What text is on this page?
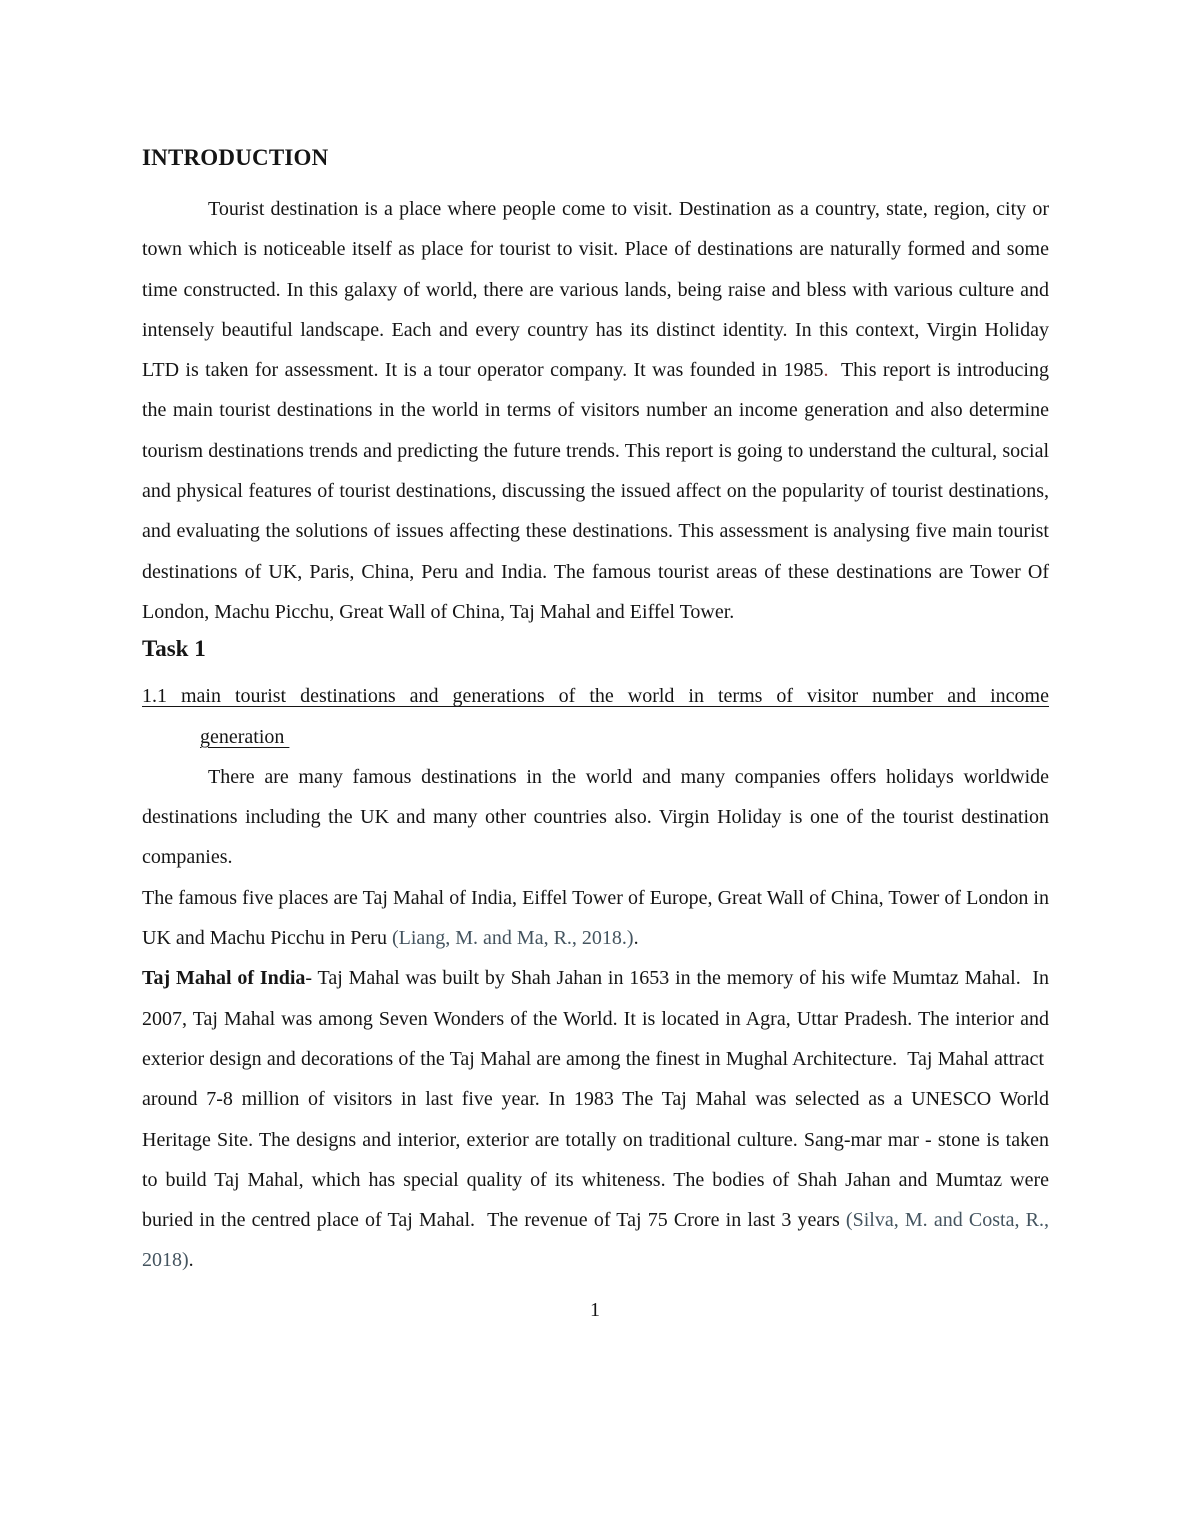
INTRODUCTION

Tourist destination is a place where people come to visit. Destination as a country, state, region, city or town which is noticeable itself as place for tourist to visit. Place of destinations are naturally formed and some time constructed. In this galaxy of world, there are various lands, being raise and bless with various culture and intensely beautiful landscape. Each and every country has its distinct identity. In this context, Virgin Holiday LTD is taken for assessment. It is a tour operator company. It was founded in 1985.  This report is introducing the main tourist destinations in the world in terms of visitors number an income generation and also determine tourism destinations trends and predicting the future trends. This report is going to understand the cultural, social and physical features of tourist destinations, discussing the issued affect on the popularity of tourist destinations, and evaluating the solutions of issues affecting these destinations. This assessment is analysing five main tourist destinations of UK, Paris, China, Peru and India. The famous tourist areas of these destinations are Tower Of London, Machu Picchu, Great Wall of China, Taj Mahal and Eiffel Tower.

Task 1
1.1 main tourist destinations and generations of the world in terms of visitor number and income
generation

There are many famous destinations in the world and many companies offers holidays worldwide destinations including the UK and many other countries also. Virgin Holiday is one of the tourist destination companies.

The famous five places are Taj Mahal of India, Eiffel Tower of Europe, Great Wall of China, Tower of London in UK and Machu Picchu in Peru (Liang, M. and Ma, R., 2018.).

Taj Mahal of India- Taj Mahal was built by Shah Jahan in 1653 in the memory of his wife Mumtaz Mahal.  In 2007, Taj Mahal was among Seven Wonders of the World. It is located in Agra, Uttar Pradesh. The interior and exterior design and decorations of the Taj Mahal are among the finest in Mughal Architecture.  Taj Mahal attract  around 7-8 million of visitors in last five year. In 1983 The Taj Mahal was selected as a UNESCO World Heritage Site. The designs and interior, exterior are totally on traditional culture. Sang-mar mar - stone is taken to build Taj Mahal, which has special quality of its whiteness. The bodies of Shah Jahan and Mumtaz were buried in the centred place of Taj Mahal.  The revenue of Taj 75 Crore in last 3 years (Silva, M. and Costa, R., 2018).

1
